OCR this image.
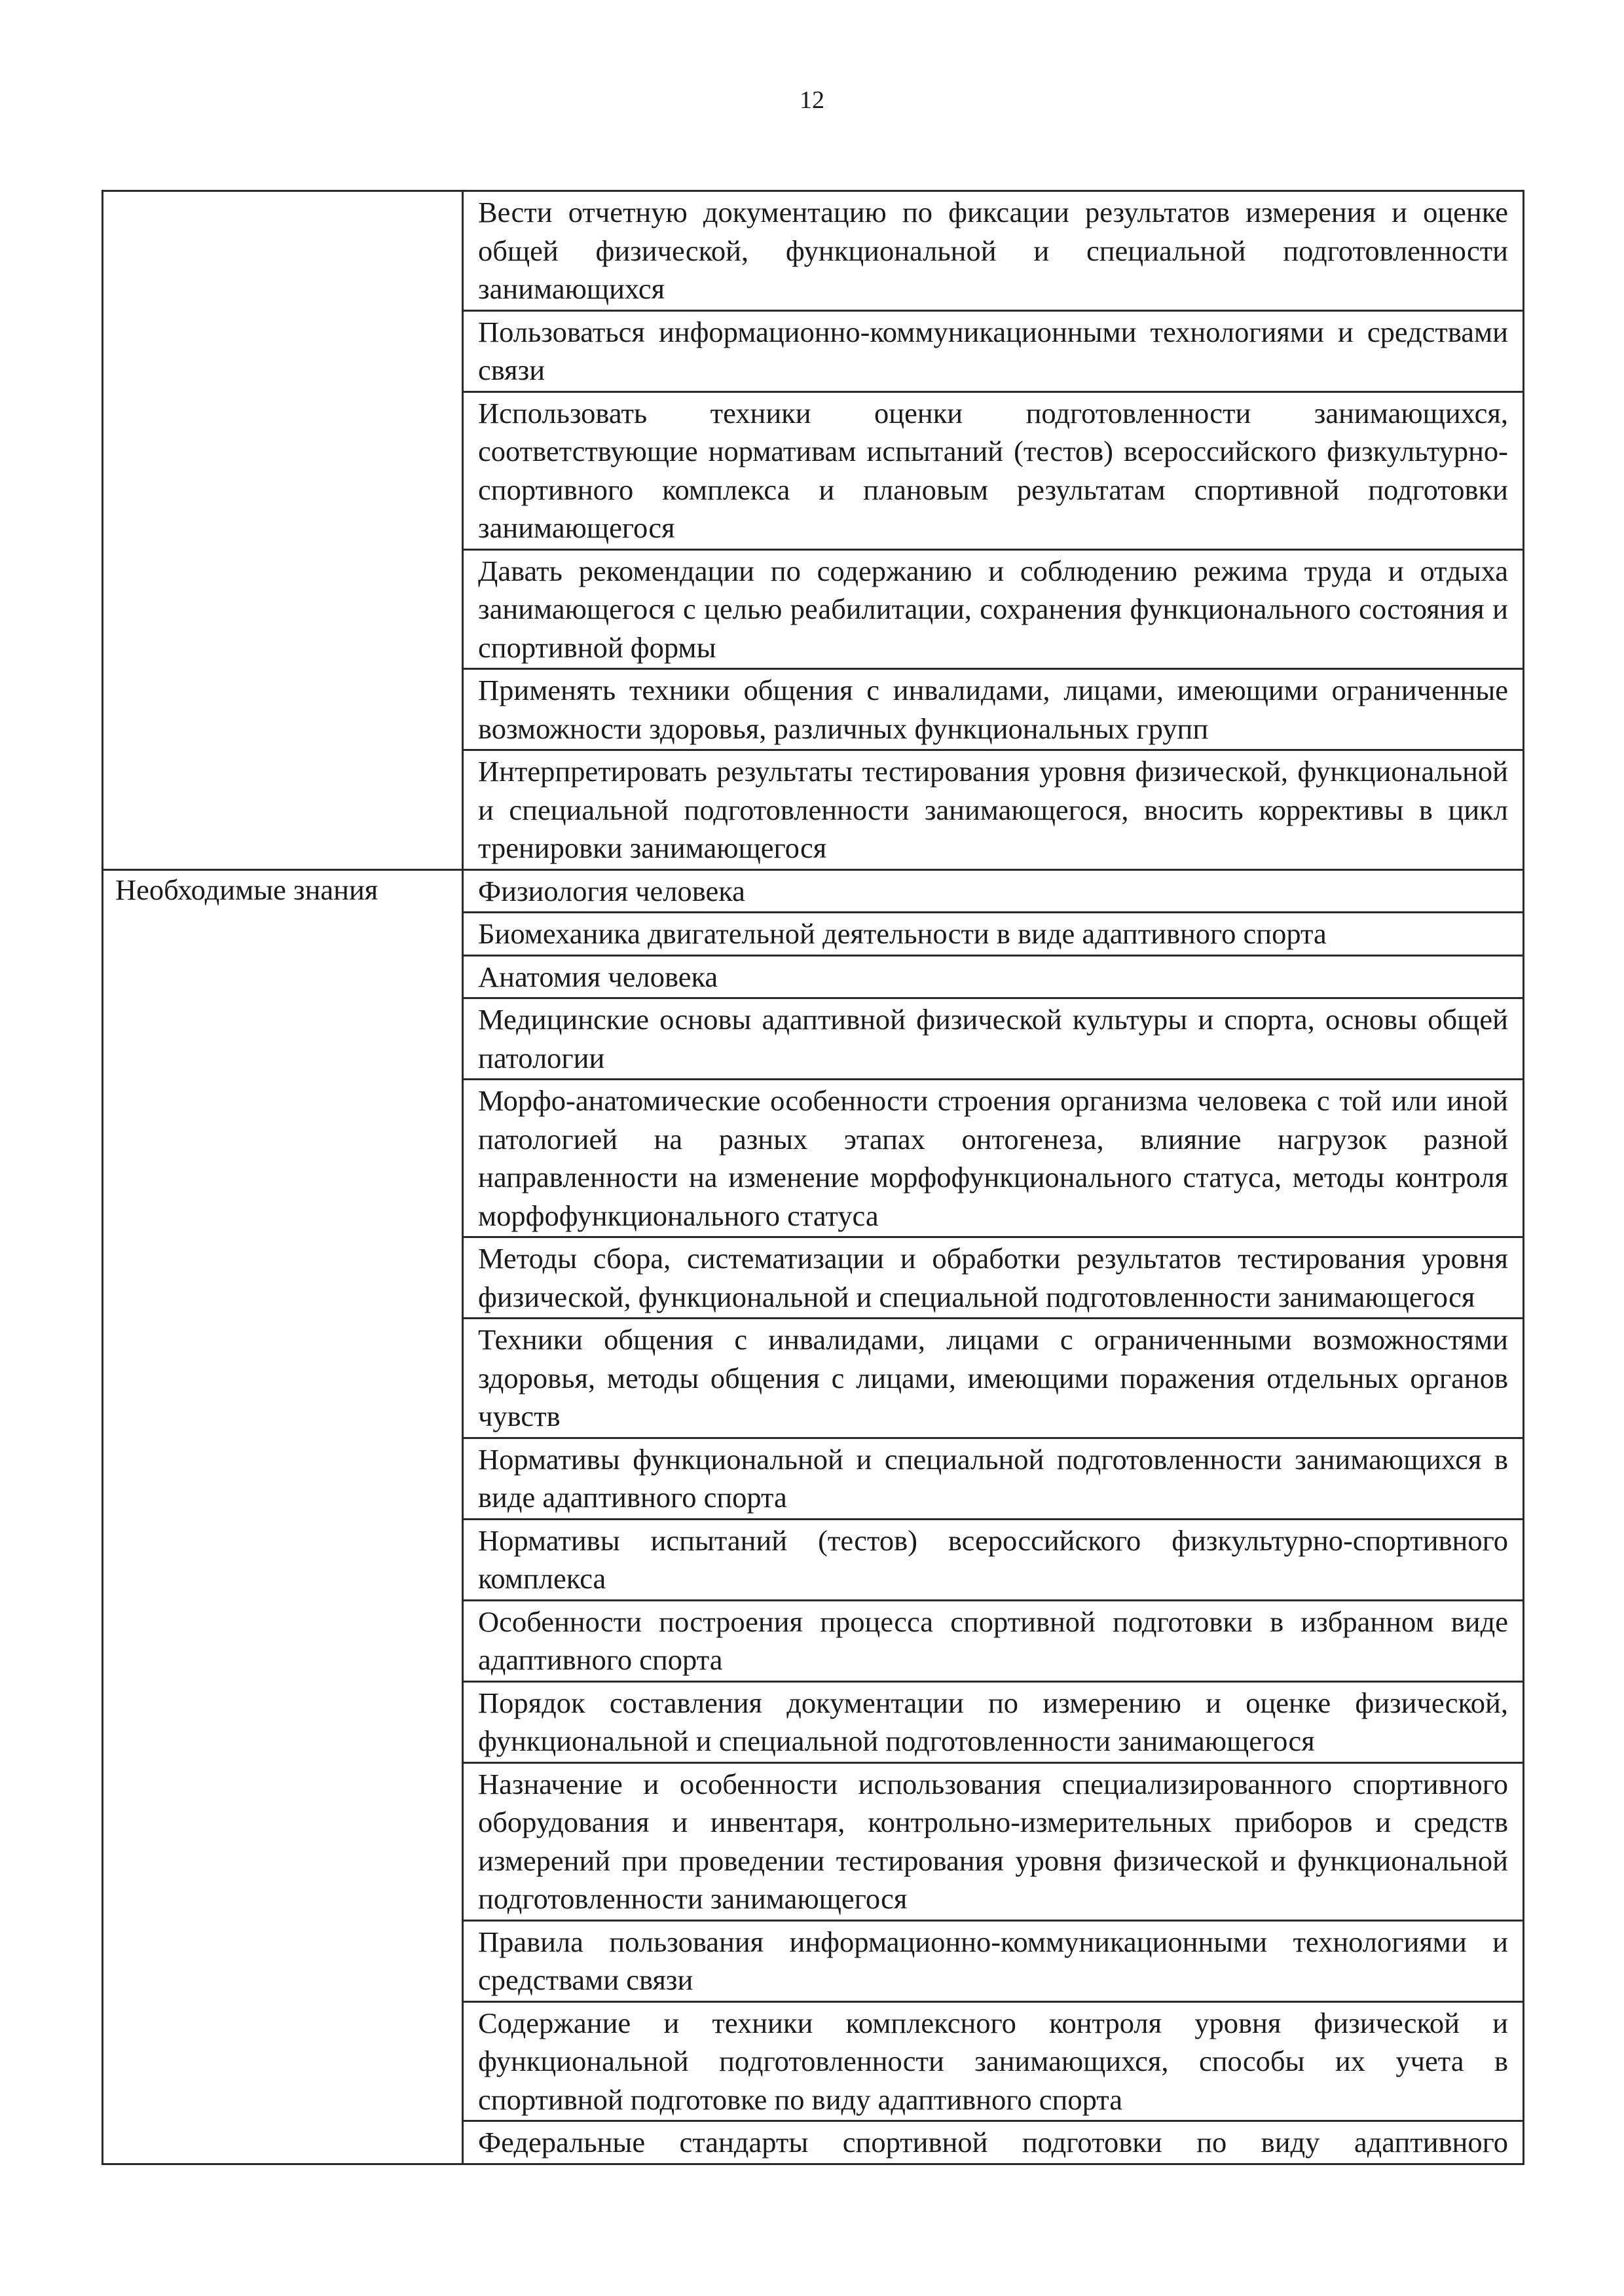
12
	Вести отчетную документацию по фиксации результатов измерения и оценке общей физической, функциональной и специальной подготовленности занимающихся
	Пользоваться информационно-коммуникационными технологиями и средствами связи
	Использовать техники оценки подготовленности занимающихся, соответствующие нормативам испытаний (тестов) всероссийского физкультурно-спортивного комплекса и плановым результатам спортивной подготовки занимающегося
	Давать рекомендации по содержанию и соблюдению режима труда и отдыха занимающегося с целью реабилитации, сохранения функционального состояния и спортивной формы
	Применять техники общения с инвалидами, лицами, имеющими ограниченные возможности здоровья, различных функциональных групп
	Интерпретировать результаты тестирования уровня физической, функциональной и специальной подготовленности занимающегося, вносить коррективы в цикл тренировки занимающегося
Необходимые знания	Физиология человека
	Биомеханика двигательной деятельности в виде адаптивного спорта
	Анатомия человека
	Медицинские основы адаптивной физической культуры и спорта, основы общей патологии
	Морфо-анатомические особенности строения организма человека с той или иной патологией на разных этапах онтогенеза, влияние нагрузок разной направленности на изменение морфофункционального статуса, методы контроля морфофункционального статуса
	Методы сбора, систематизации и обработки результатов тестирования уровня физической, функциональной и специальной подготовленности занимающегося
	Техники общения с инвалидами, лицами с ограниченными возможностями здоровья, методы общения с лицами, имеющими поражения отдельных органов чувств
	Нормативы функциональной и специальной подготовленности занимающихся в виде адаптивного спорта
	Нормативы испытаний (тестов) всероссийского физкультурно-спортивного комплекса
	Особенности построения процесса спортивной подготовки в избранном виде адаптивного спорта
	Порядок составления документации по измерению и оценке физической, функциональной и специальной подготовленности занимающегося
	Назначение и особенности использования специализированного спортивного оборудования и инвентаря, контрольно-измерительных приборов и средств измерений при проведении тестирования уровня физической и функциональной подготовленности занимающегося
	Правила пользования информационно-коммуникационными технологиями и средствами связи
	Содержание и техники комплексного контроля уровня физической и функциональной подготовленности занимающихся, способы их учета в спортивной подготовке по виду адаптивного спорта
	Федеральные стандарты спортивной подготовки по виду адаптивного
